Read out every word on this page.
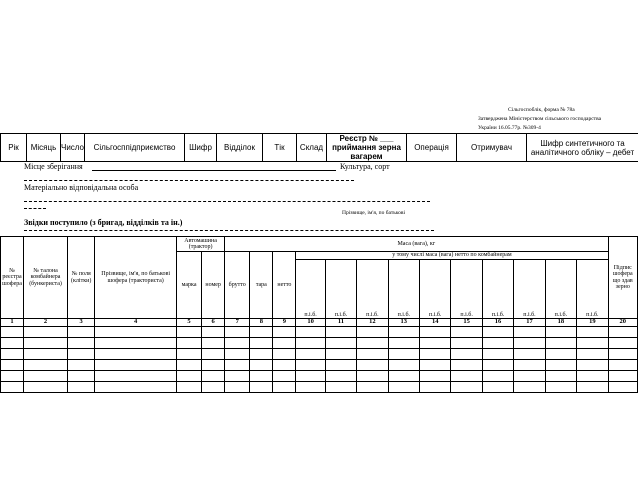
Сільгоспоблік, форма № 78а
Затверджена Міністерством сільського господарства
України 16.05.77р. №309-4
Рік	Місяць	Число	Сільгосппідприємство	Шифр	Відділок	Тік	Склад	Реєстр № ___ приймання зерна вагарем	Операція	Отримувач	Шифр синтетичного та аналітичного обліку – дебет
Місце зберігання	Культура, сорт
Матеріально відповідальна особа
Прізвище, ім'я, по батькові
Звідки поступило (з бригад, відділків та ін.)
№ реєстра шофера	№ талона комбайнера (бункериста)	№ поля (клітки)	Прізвище, ім'я, по батькові шофера (тракториста)	Автомашина (трактор)		Маса (вага), кг													Підпис шофера що здав зерно
				марка	номер	брутто	тара	нетто	у тому числі маса (вага) нетто по комбайнерам										
									п.і.б.	п.і.б.	п.і.б.	п.і.б.	п.і.б.	п.і.б.	п.і.б.	п.і.б.	п.і.б.	п.і.б.	
1	2	3	4	5	6	7	8	9	10	11	12	13	14	15	16	17	18	19	20
